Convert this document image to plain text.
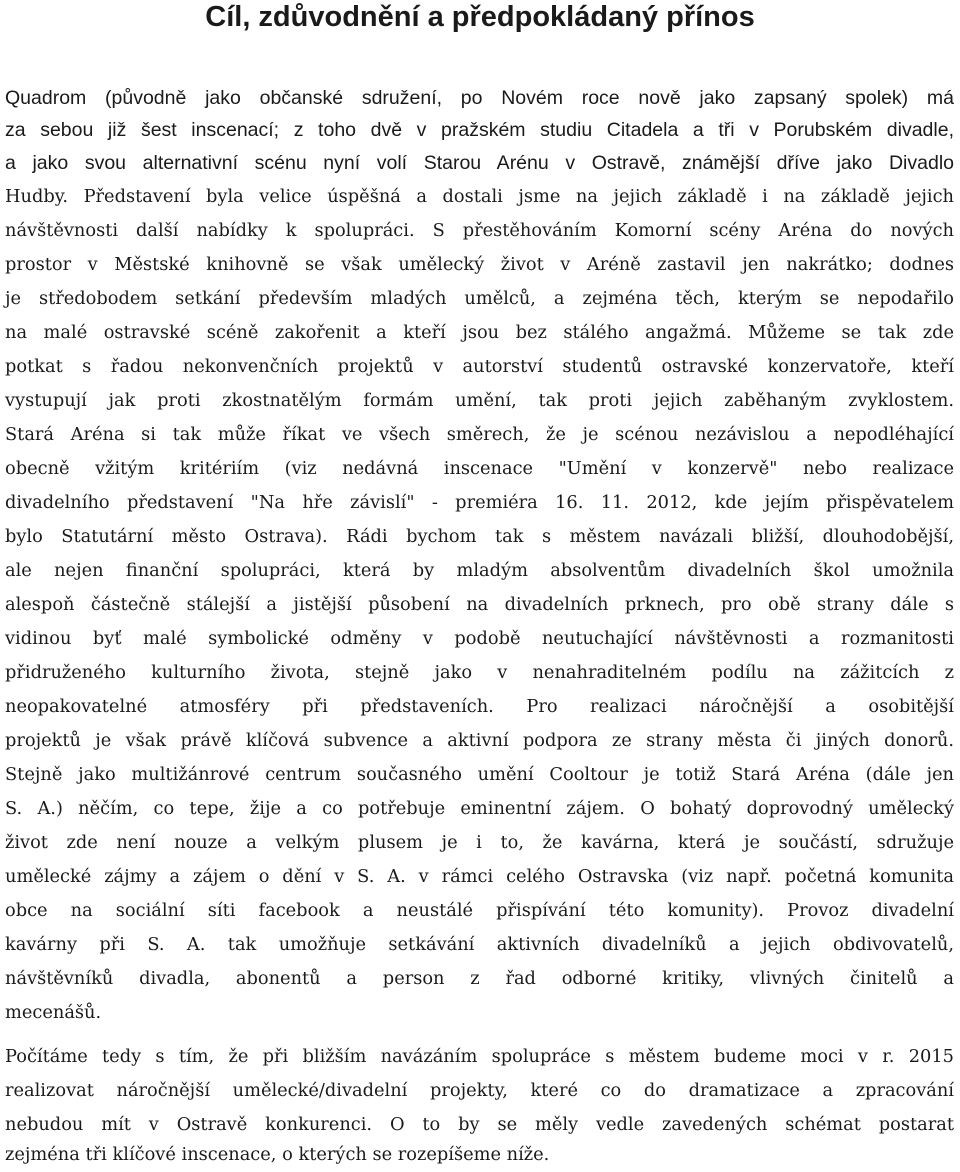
Cíl, zdůvodnění a předpokládaný přínos
Quadrom (původně jako občanské sdružení, po Novém roce nově jako zapsaný spolek) má
za sebou již šest inscenací; z toho dvě v pražském studiu Citadela a tři v Porubském divadle,
a jako svou alternativní scénu nyní volí Starou Arénu v Ostravě, známější dříve jako Divadlo
Hudby. Představení byla velice úspěšná a dostali jsme na jejich základě i na základě jejich
návštěvnosti další nabídky k spolupráci. S přestěhováním Komorní scény Aréna do nových
prostor v Městské knihovně se však umělecký život v Aréně zastavil jen nakrátko; dodnes
je středobodem setkání především mladých umělců, a zejména těch, kterým se nepodařilo
na malé ostravské scéně zakořenit a kteří jsou bez stálého angažmá. Můžeme se tak zde
potkat s řadou nekonvenčních projektů v autorství studentů ostravské konzervatoře, kteří
vystupují jak proti zkostnatělým formám umění, tak proti jejich zaběhaným zvyklostem.
Stará Aréna si tak může říkat ve všech směrech, že je scénou nezávislou a nepodléhající
obecně vžitým kritériím (viz nedávná inscenace "Umění v konzervě" nebo realizace
divadelního představení "Na hře závislí" - premiéra 16. 11. 2012, kde jejím přispěvatelem
bylo Statutární město Ostrava). Rádi bychom tak s městem navázali bližší, dlouhodobější,
ale nejen finanční spolupráci, která by mladým absolventům divadelních škol umožnila
alespoň částečně stálejší a jistější působení na divadelních prknech, pro obě strany dále s
vidinou byť malé symbolické odměny v podobě neutuchající návštěvnosti a rozmanitosti
přidruženého kulturního života, stejně jako v nenahraditelném podílu na zážitcích z
neopakovatelné atmosféry při představeních. Pro realizaci náročnější a osobitější
projektů je však právě klíčová subvence a aktivní podpora ze strany města či jiných donorů.
Stejně jako multižánrové centrum současného umění Cooltour je totiž Stará Aréna (dále jen
S. A.) něčím, co tepe, žije a co potřebuje eminentní zájem. O bohatý doprovodný umělecký
život zde není nouze a velkým plusem je i to, že kavárna, která je součástí, sdružuje
umělecké zájmy a zájem o dění v S. A. v rámci celého Ostravska (viz např. početná komunita
obce na sociální síti facebook a neustálé přispívání této komunity). Provoz divadelní
kavárny při S. A. tak umožňuje setkávání aktivních divadelníků a jejich obdivovatelů,
návštěvníků divadla, abonentů a person z řad odborné kritiky, vlivných činitelů a
mecenášů.
Počítáme tedy s tím, že při bližším navázáním spolupráce s městem budeme moci v r. 2015
realizovat náročnější umělecké/divadelní projekty, které co do dramatizace a zpracování
nebudou mít v Ostravě konkurenci. O to by se měly vedle zavedených schémat postarat
zejména tři klíčové inscenace, o kterých se rozepíšeme níže.
